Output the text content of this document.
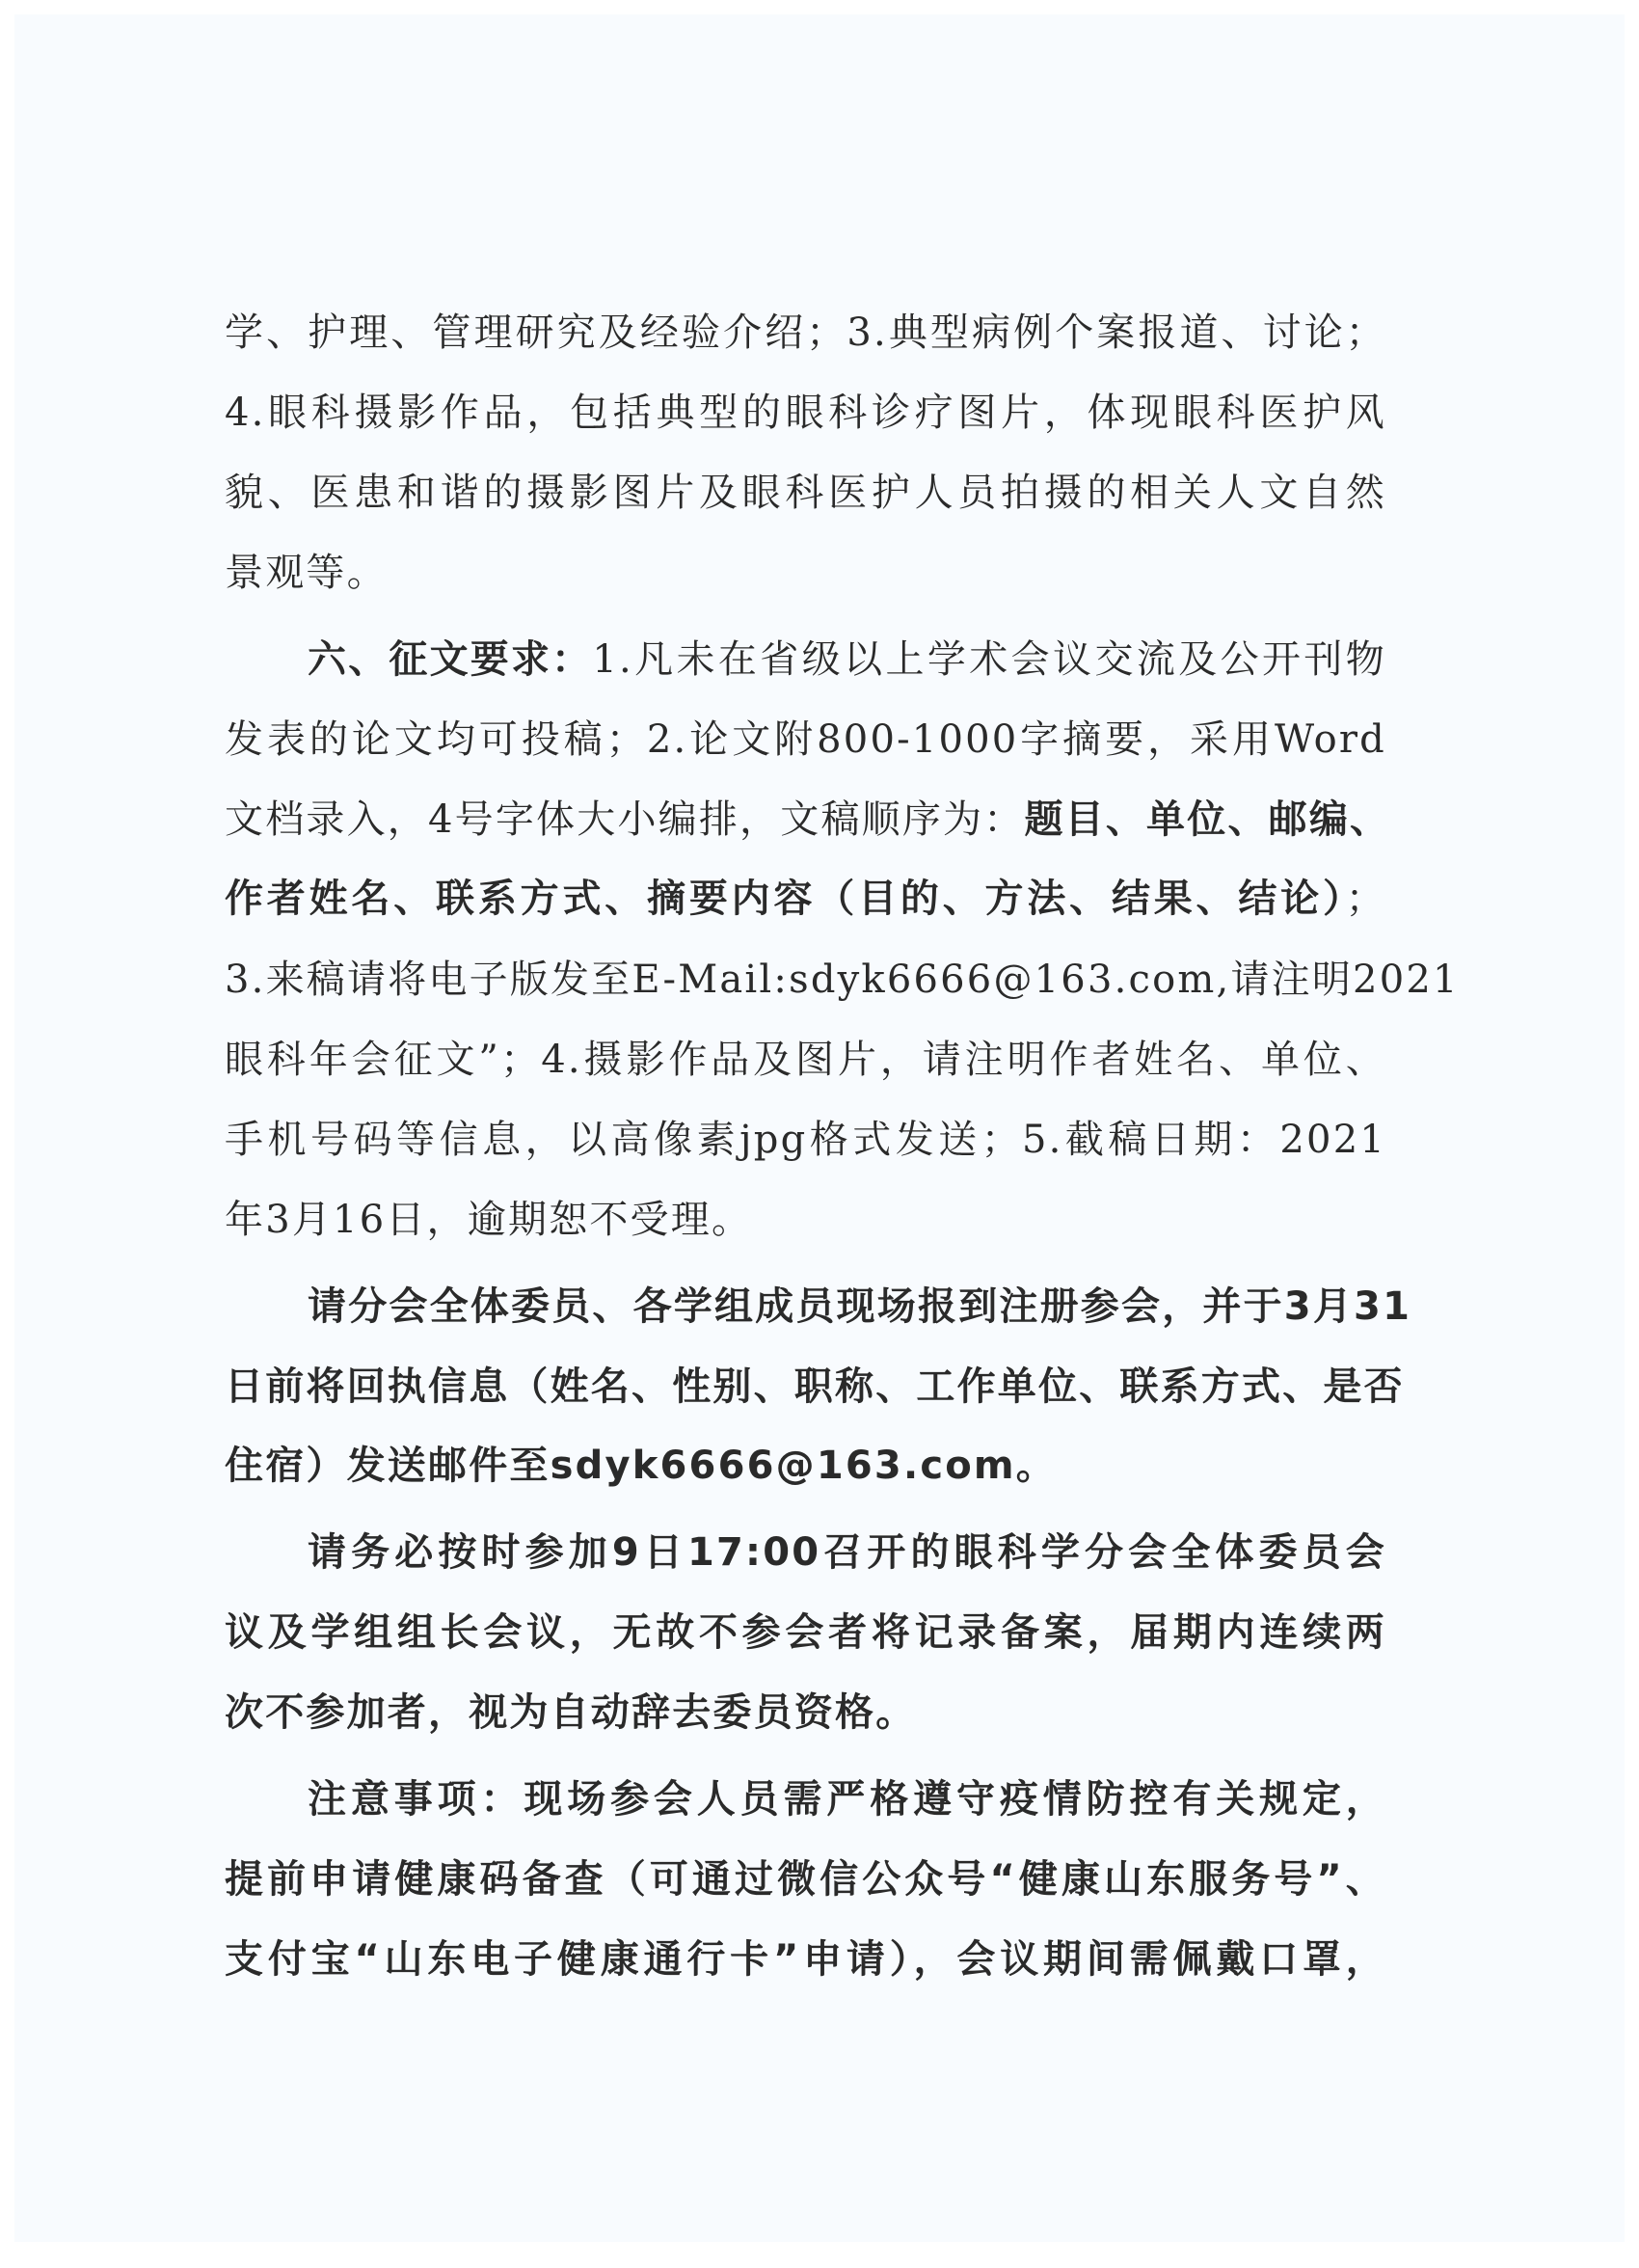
学、护理、管理研究及经验介绍；3.典型病例个案报道、讨论；
4.眼科摄影作品，包括典型的眼科诊疗图片，体现眼科医护风
貌、医患和谐的摄影图片及眼科医护人员拍摄的相关人文自然
景观等。
六、征文要求：1.凡未在省级以上学术会议交流及公开刊物
发表的论文均可投稿；2.论文附800-1000字摘要，采用Word
文档录入，4号字体大小编排，文稿顺序为：题目、单位、邮编、
作者姓名、联系方式、摘要内容（目的、方法、结果、结论）；
3.来稿请将电子版发至E-Mail:sdyk6666@163.com,请注明2021
眼科年会征文”；4.摄影作品及图片，请注明作者姓名、单位、
手机号码等信息，以高像素jpg格式发送；5.截稿日期：2021
年3月16日，逾期恕不受理。
请分会全体委员、各学组成员现场报到注册参会，并于3月31
日前将回执信息（姓名、性别、职称、工作单位、联系方式、是否
住宿）发送邮件至sdyk6666@163.com。
请务必按时参加9日17:00召开的眼科学分会全体委员会
议及学组组长会议，无故不参会者将记录备案，届期内连续两
次不参加者，视为自动辞去委员资格。
注意事项：现场参会人员需严格遵守疫情防控有关规定，
提前申请健康码备查（可通过微信公众号“健康山东服务号”、
支付宝“山东电子健康通行卡”申请），会议期间需佩戴口罩，
